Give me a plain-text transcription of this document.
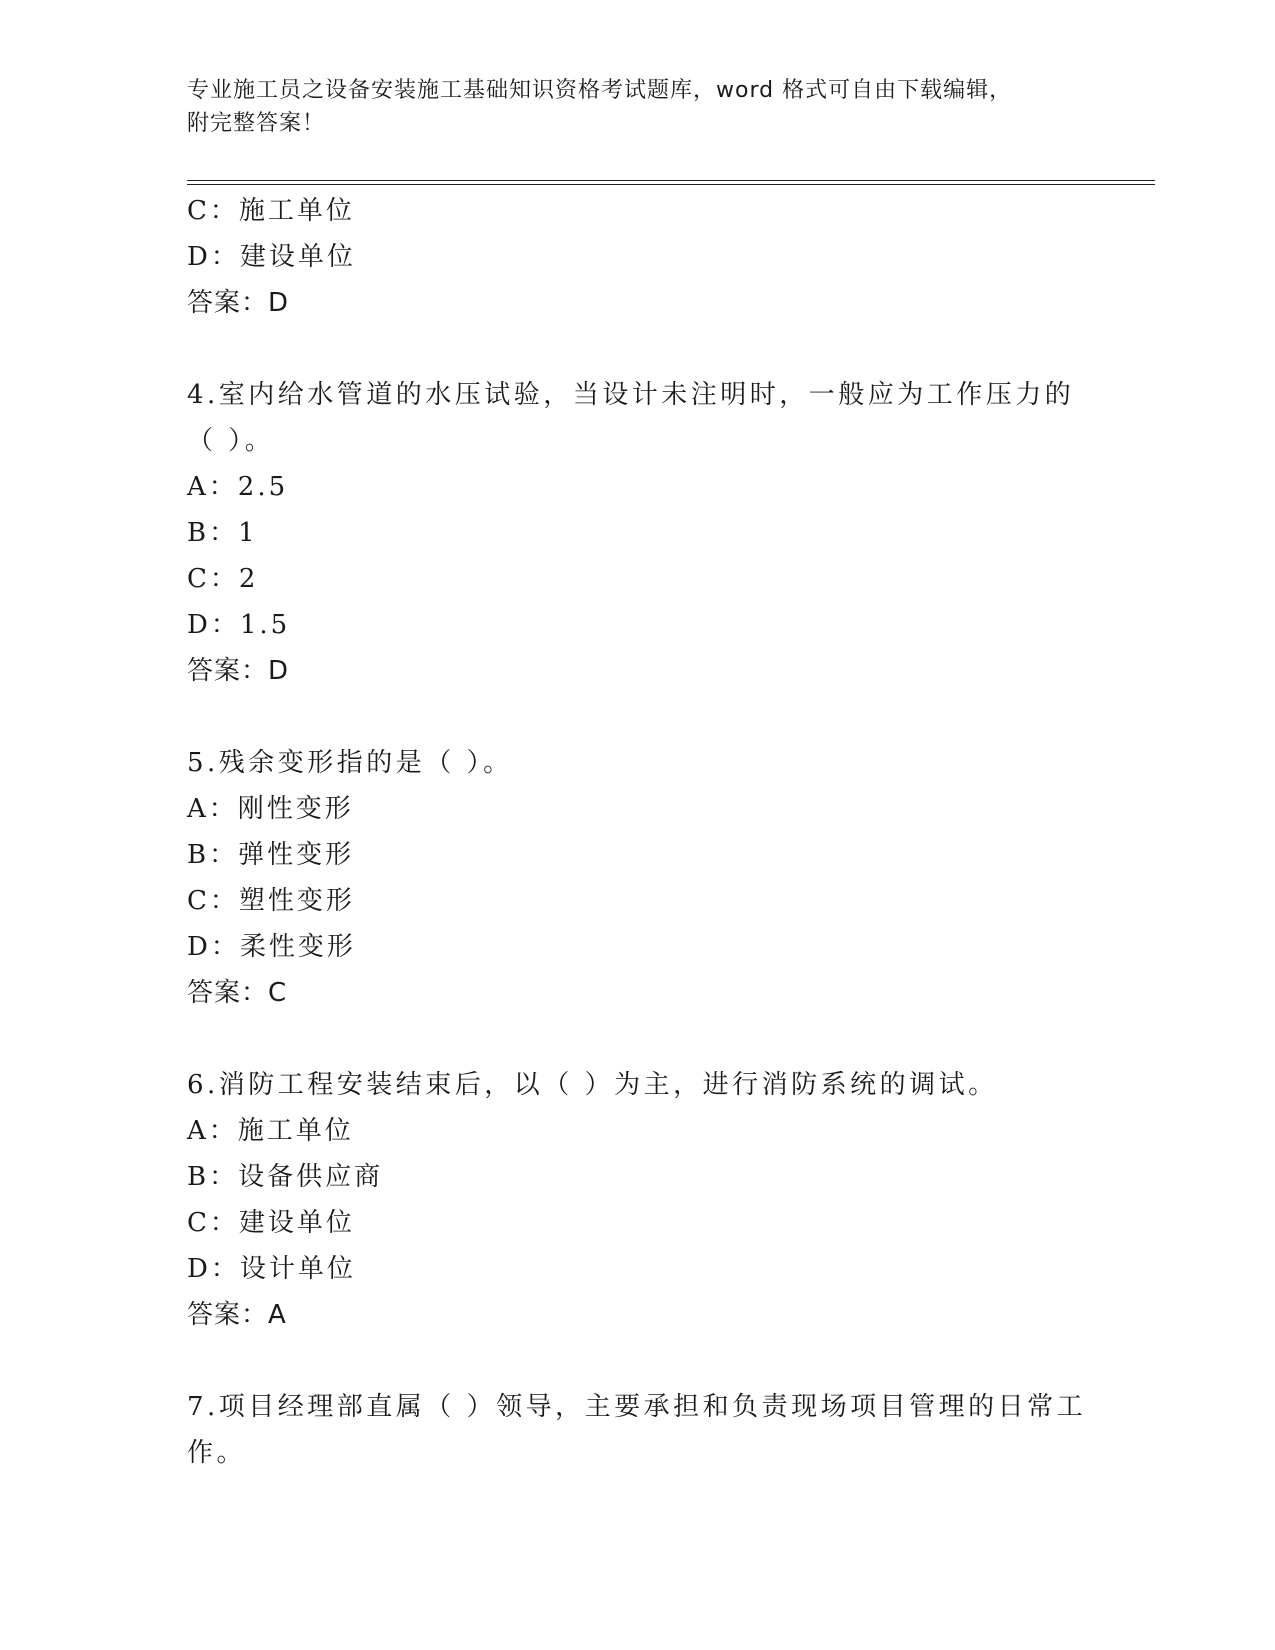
专业施工员之设备安装施工基础知识资格考试题库，word 格式可自由下载编辑，
附完整答案！
C：施工单位
D：建设单位
答案：D
4.室内给水管道的水压试验，当设计未注明时，一般应为工作压力的
（ ）。
A：2.5
B：1
C：2
D：1.5
答案：D
5.残余变形指的是（ ）。
A：刚性变形
B：弹性变形
C：塑性变形
D：柔性变形
答案：C
6.消防工程安装结束后，以（ ）为主，进行消防系统的调试。
A：施工单位
B：设备供应商
C：建设单位
D：设计单位
答案：A
7.项目经理部直属（ ）领导，主要承担和负责现场项目管理的日常工
作。
